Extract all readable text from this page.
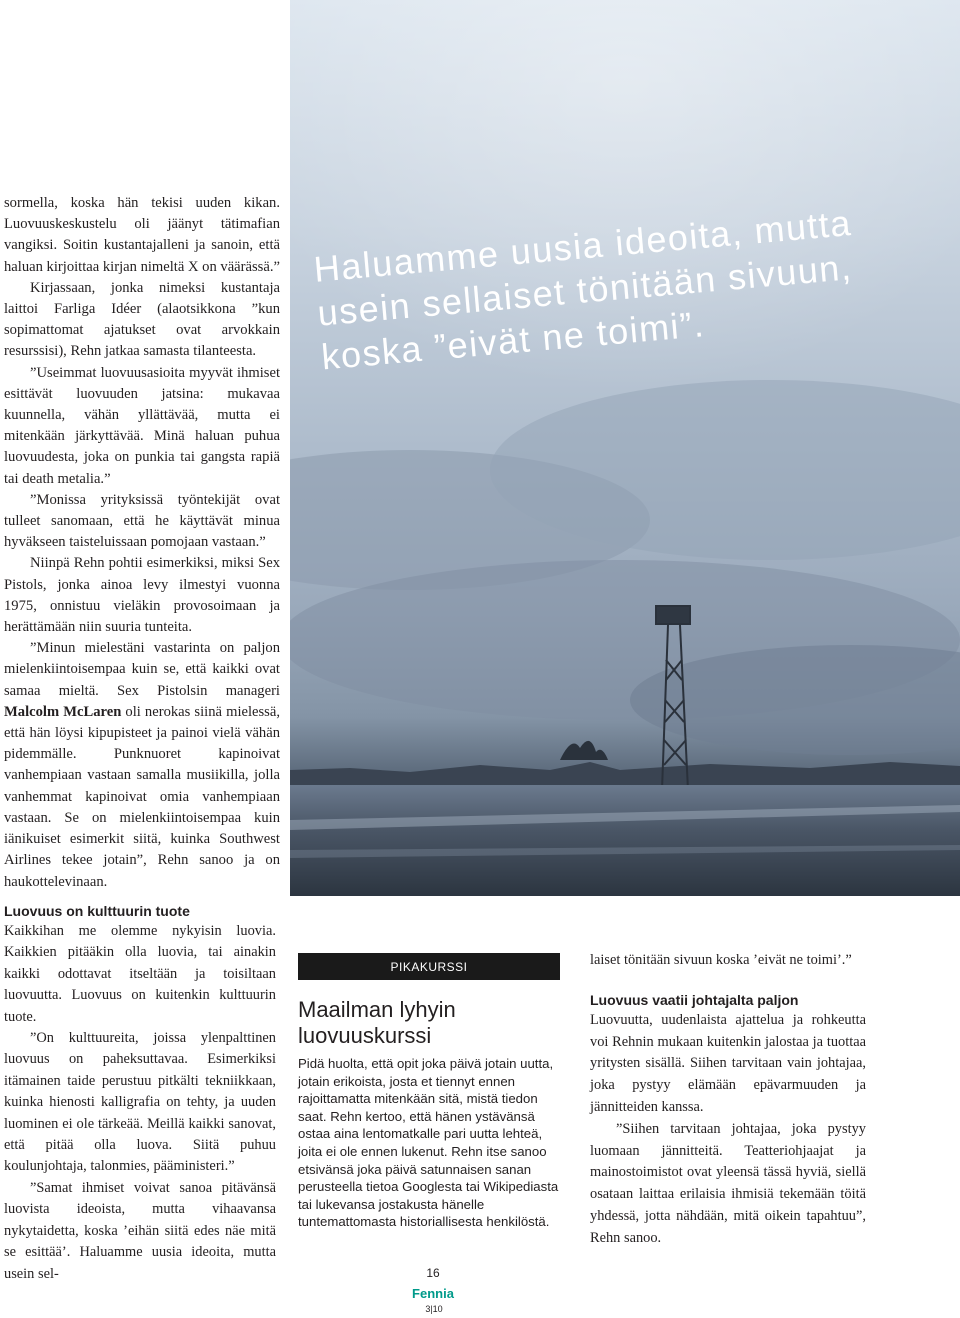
Haluamme uusia ideoita, mutta usein sellaiset tönitään sivuun, koska ”eivät ne toimi”.

sormella, koska hän tekisi uuden kikan. Luovuuskeskustelu oli jäänyt tätimafian vangiksi. Soitin kustantajalleni ja sanoin, että haluan kirjoittaa kirjan nimeltä X on väärässä.”

Kirjassaan, jonka nimeksi kustantaja laittoi Farliga Idéer (alaotsikkona ”kun sopimattomat ajatukset ovat arvokkain resurssisi), Rehn jatkaa samasta tilanteesta.

”Useimmat luovuusasioita myyvät ihmiset esittävät luovuuden jatsina: mukavaa kuunnella, vähän yllättävää, mutta ei mitenkään järkyttävää. Minä haluan puhua luovuudesta, joka on punkia tai gangsta rapiä tai death metalia.”

”Monissa yrityksissä työntekijät ovat tulleet sanomaan, että he käyttävät minua hyväkseen taisteluissaan pomojaan vastaan.”

Niinpä Rehn pohtii esimerkiksi, miksi Sex Pistols, jonka ainoa levy ilmestyi vuonna 1975, onnistuu vieläkin provosoimaan ja herättämään niin suuria tunteita.

”Minun mielestäni vastarinta on paljon mielenkiintoisempaa kuin se, että kaikki ovat samaa mieltä. Sex Pistolsin manageri Malcolm McLaren oli nerokas siinä mielessä, että hän löysi kipupisteet ja painoi vielä vähän pidemmälle. Punknuoret kapinoivat vanhempiaan vastaan samalla musiikilla, jolla vanhemmat kapinoivat omia vanhempiaan vastaan. Se on mielenkiintoisempaa kuin iänikuiset esimerkit siitä, kuinka Southwest Airlines tekee jotain”, Rehn sanoo ja on haukottelevinaan.

Luovuus on kulttuurin tuote

Kaikkihan me olemme nykyisin luovia. Kaikkien pitääkin olla luovia, tai ainakin kaikki odottavat itseltään ja toisiltaan luovuutta. Luovuus on kuitenkin kulttuurin tuote.

”On kulttuureita, joissa ylenpalttinen luovuus on paheksuttavaa. Esimerkiksi itämainen taide perustuu pitkälti tekniikkaan, kuinka hienosti kalligrafia on tehty, ja uuden luominen ei ole tärkeää. Meillä kaikki sanovat, että pitää olla luova. Siitä puhuu koulunjohtaja, talonmies, pääministeri.”

”Samat ihmiset voivat sanoa pitävänsä luovista ideoista, mutta vihaavansa nykytaidetta, koska ’eihän siitä edes näe mitä se esittää’. Haluamme uusia ideoita, mutta usein sel-

PIKAKURSSI
Maailman lyhyin luovuuskurssi

Pidä huolta, että opit joka päivä jotain uutta, jotain erikoista, josta et tiennyt ennen rajoittamatta mitenkään sitä, mistä tiedon saat. Rehn kertoo, että hänen ystävänsä ostaa aina lentomatkalle pari uutta lehteä, joita ei ole ennen lukenut. Rehn itse sanoo etsivänsä joka päivä satunnaisen sanan perusteella tietoa Googlesta tai Wikipediasta tai lukevansa jostakusta hänelle tuntemattomasta historiallisesta henkilöstä.

laiset tönitään sivuun koska ’eivät ne toimi’.”

Luovuus vaatii johtajalta paljon

Luovuutta, uudenlaista ajattelua ja rohkeutta voi Rehnin mukaan kuitenkin jalostaa ja tuottaa yritysten sisällä. Siihen tarvitaan vain johtajaa, joka pystyy elämään epävarmuuden ja jännitteiden kanssa.

”Siihen tarvitaan johtajaa, joka pystyy luomaan jännitteitä. Teatteriohjaajat ja mainostoimistot ovat yleensä tässä hyviä, siellä osataan laittaa erilaisia ihmisiä tekemään töitä yhdessä, jotta nähdään, mitä oikein tapahtuu”, Rehn sanoo.

16
Fennia
3|10
